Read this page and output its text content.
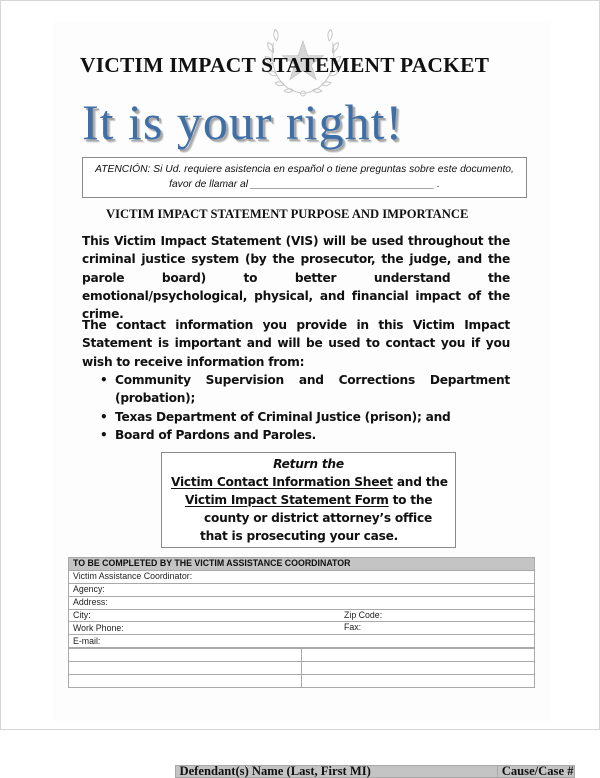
VICTIM IMPACT STATEMENT PACKET
It is your right!
ATENCIÓN: Si Ud. requiere asistencia en español o tiene preguntas sobre este documento,
favor de llamar al ________________________________ .
VICTIM IMPACT STATEMENT PURPOSE AND IMPORTANCE

This Victim Impact Statement (VIS) will be used throughout the criminal justice system (by the prosecutor, the judge, and the parole board) to better understand the emotional/psychological, physical, and financial impact of the crime.

The contact information you provide in this Victim Impact Statement is important and will be used to contact you if you wish to receive information from:

• Community Supervision and Corrections Department
(probation);
• Texas Department of Criminal Justice (prison); and
• Board of Pardons and Paroles.
Return the
Victim Contact Information Sheet and the
Victim Impact Statement Form to the
county or district attorney’s office
that is prosecuting your case.
TO BE COMPLETED BY THE VICTIM ASSISTANCE COORDINATOR
Victim Assistance Coordinator:
Agency:
Address:
City:	Zip Code:

Work Phone:	Fax:

E-mail:

Defendant(s) Name (Last, First MI)	Cause/Case #
